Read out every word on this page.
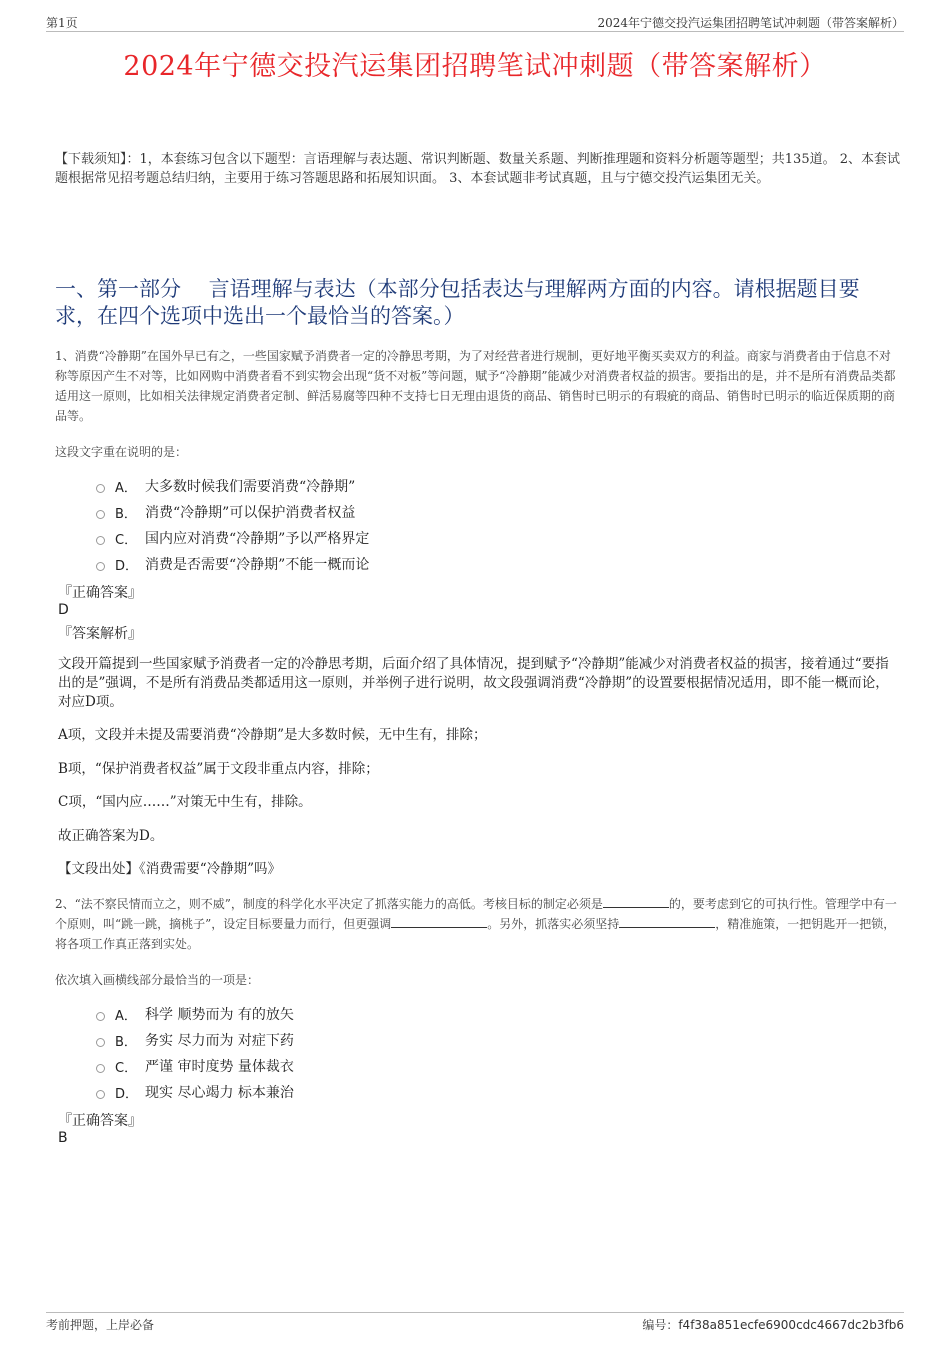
第1页	2024年宁德交投汽运集团招聘笔试冲刺题（带答案解析）
2024年宁德交投汽运集团招聘笔试冲刺题（带答案解析）
【下载须知】：1，本套练习包含以下题型：言语理解与表达题、常识判断题、数量关系题、判断推理题和资料分析题等题型；共135道。 2、本套试题根据常见招考题总结归纳，主要用于练习答题思路和拓展知识面。 3、本套试题非考试真题，且与宁德交投汽运集团无关。
一、第一部分　 言语理解与表达（本部分包括表达与理解两方面的内容。请根据题目要求，在四个选项中选出一个最恰当的答案。）
1、消费“冷静期”在国外早已有之，一些国家赋予消费者一定的冷静思考期，为了对经营者进行规制，更好地平衡买卖双方的利益。商家与消费者由于信息不对称等原因产生不对等，比如网购中消费者看不到实物会出现“货不对板”等问题，赋予“冷静期”能减少对消费者权益的损害。要指出的是，并不是所有消费品类都适用这一原则，比如相关法律规定消费者定制、鲜活易腐等四种不支持七日无理由退货的商品、销售时已明示的有瑕疵的商品、销售时已明示的临近保质期的商品等。
这段文字重在说明的是：
A． 大多数时候我们需要消费“冷静期”
B． 消费“冷静期”可以保护消费者权益
C． 国内应对消费“冷静期”予以严格界定
D． 消费是否需要“冷静期”不能一概而论
『正确答案』
D
『答案解析』
文段开篇提到一些国家赋予消费者一定的冷静思考期，后面介绍了具体情况，提到赋予“冷静期”能减少对消费者权益的损害，接着通过“要指出的是”强调，不是所有消费品类都适用这一原则，并举例子进行说明，故文段强调消费“冷静期”的设置要根据情况适用，即不能一概而论，对应D项。
A项，文段并未提及需要消费“冷静期”是大多数时候，无中生有，排除；
B项，“保护消费者权益”属于文段非重点内容，排除；
C项，“国内应……”对策无中生有，排除。
故正确答案为D。
【文段出处】《消费需要“冷静期”吗》
2、“法不察民情而立之，则不威”，制度的科学化水平决定了抓落实能力的高低。考核目标的制定必须是	的，要考虑到它的可执行性。管理学中有一个原则，叫“跳一跳，摘桃子”，设定目标要量力而行，但更强调	。另外，抓落实必须坚持	，精准施策，一把钥匙开一把锁，将各项工作真正落到实处。
依次填入画横线部分最恰当的一项是：
A． 科学 顺势而为 有的放矢
B． 务实 尽力而为 对症下药
C． 严谨 审时度势 量体裁衣
D． 现实 尽心竭力 标本兼治
『正确答案』
B
考前押题，上岸必备	编号：f4f38a851ecfe6900cdc4667dc2b3fb6
